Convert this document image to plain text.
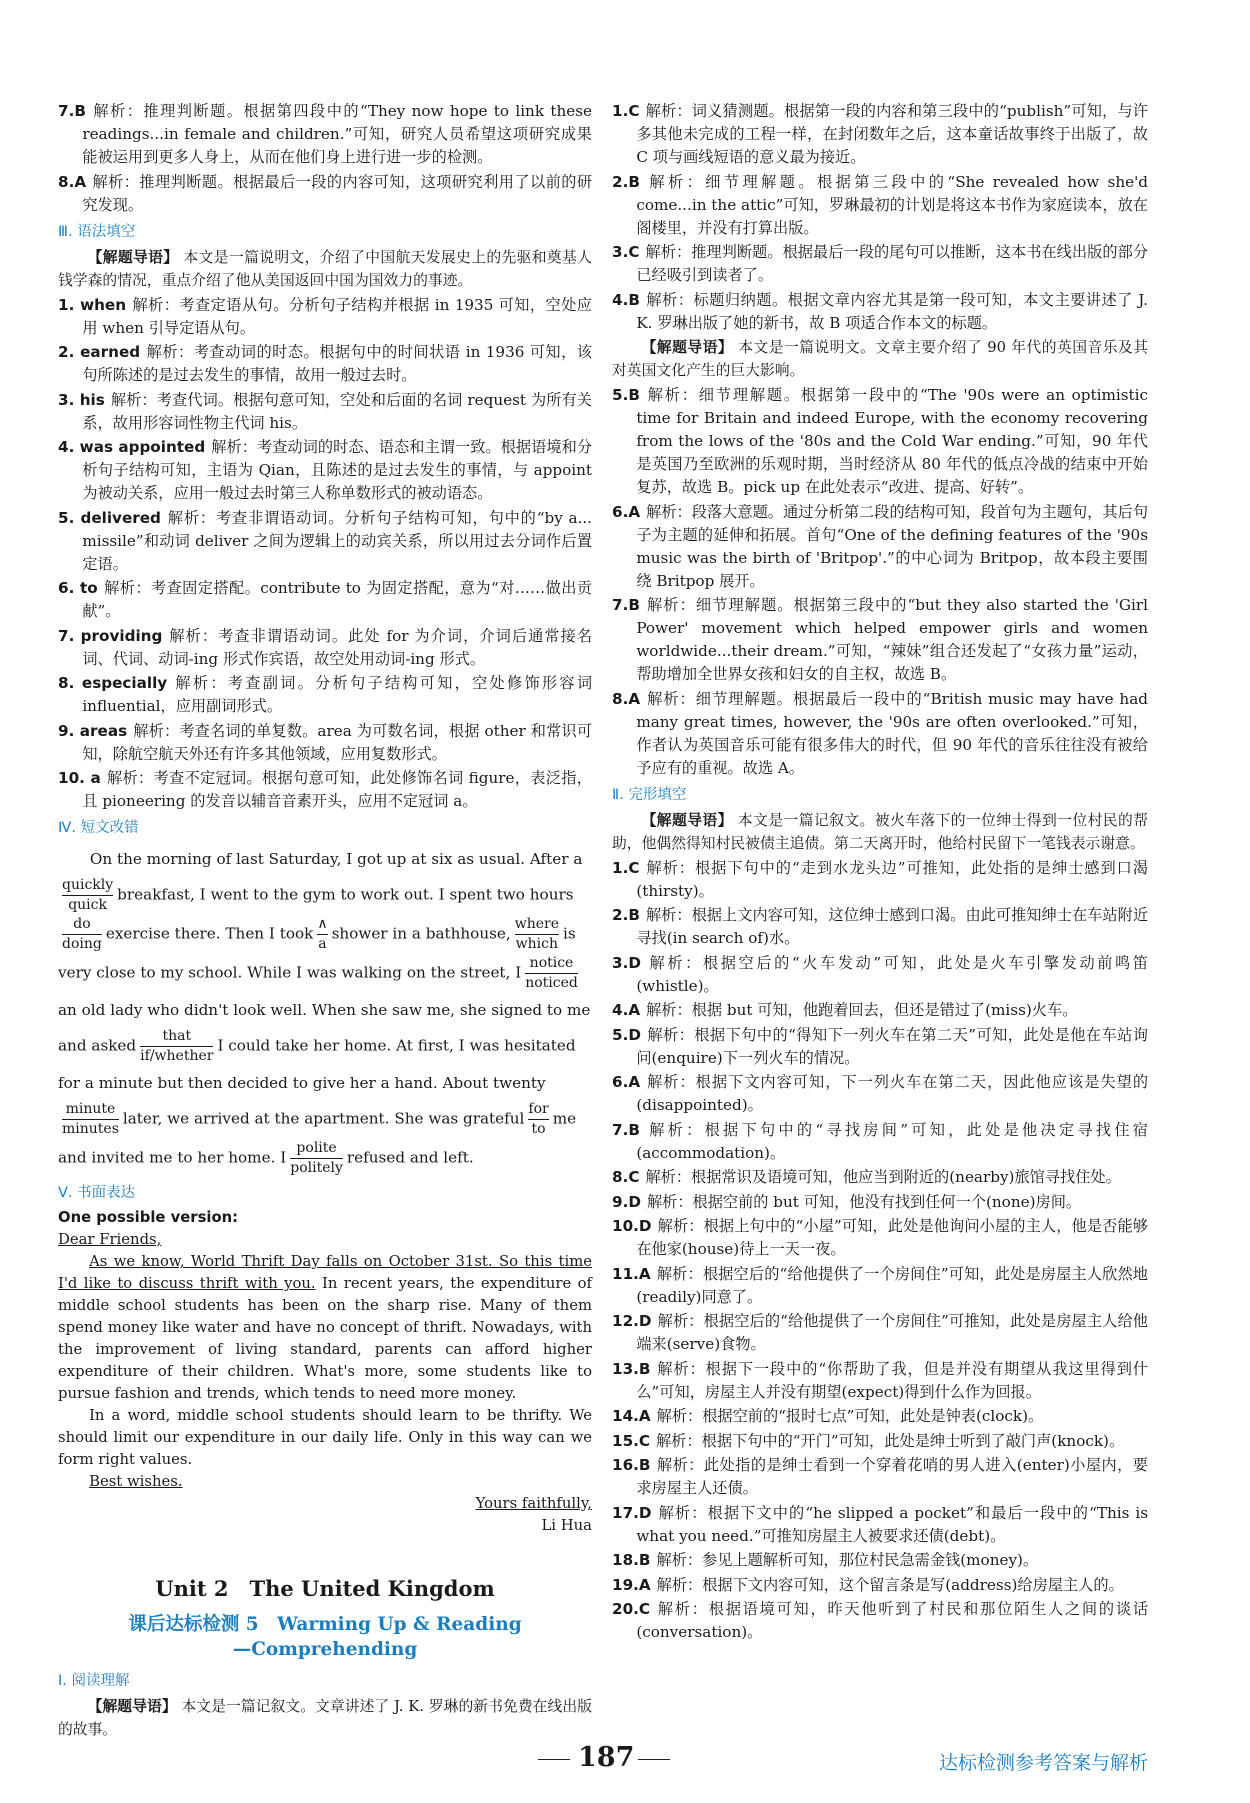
7.B 解析：推理判断题。根据第四段中的“They now hope to link these readings...in female and children.”可知，研究人员希望这项研究成果能被运用到更多人身上，从而在他们身上进行进一步的检测。

8.A 解析：推理判断题。根据最后一段的内容可知，这项研究利用了以前的研究发现。

Ⅲ. 语法填空

【解题导语】 本文是一篇说明文，介绍了中国航天发展史上的先驱和奠基人钱学森的情况，重点介绍了他从美国返回中国为国效力的事迹。

1. when 解析：考查定语从句。分析句子结构并根据 in 1935 可知，空处应用 when 引导定语从句。

2. earned 解析：考查动词的时态。根据句中的时间状语 in 1936 可知，该句所陈述的是过去发生的事情，故用一般过去时。

3. his 解析：考查代词。根据句意可知，空处和后面的名词 request 为所有关系，故用形容词性物主代词 his。

4. was appointed 解析：考查动词的时态、语态和主谓一致。根据语境和分析句子结构可知，主语为 Qian，且陈述的是过去发生的事情，与 appoint 为被动关系，应用一般过去时第三人称单数形式的被动语态。

5. delivered 解析：考查非谓语动词。分析句子结构可知，句中的“by a... missile”和动词 deliver 之间为逻辑上的动宾关系，所以用过去分词作后置定语。

6. to 解析：考查固定搭配。contribute to 为固定搭配，意为“对……做出贡献”。

7. providing 解析：考查非谓语动词。此处 for 为介词，介词后通常接名词、代词、动词-ing 形式作宾语，故空处用动词-ing 形式。

8. especially 解析：考查副词。分析句子结构可知，空处修饰形容词 influential，应用副词形式。

9. areas 解析：考查名词的单复数。area 为可数名词，根据 other 和常识可知，除航空航天外还有许多其他领域，应用复数形式。

10. a 解析：考查不定冠词。根据句意可知，此处修饰名词 figure，表泛指，且 pioneering 的发音以辅音音素开头，应用不定冠词 a。

Ⅳ. 短文改错

On the morning of last Saturday, I got up at six as usual. After a

quickly
quick
breakfast, I went to the gym to work out. I spent two hours

do
doing
exercise there. Then I took
∧
a
shower in a bathhouse,
where
which
is

very close to my school. While I was walking on the street, I
notice
noticed

an old lady who didn't look well. When she saw me, she signed to me

and asked
that
if/whether
I could take her home. At first, I was hesitated

for a minute but then decided to give her a hand. About twenty

minute
minutes
later, we arrived at the apartment. She was grateful
for
to
me

and invited me to her home. I
polite
politely
refused and left.

Ⅴ. 书面表达

One possible version:

Dear Friends,

As we know, World Thrift Day falls on October 31st. So this time I'd like to discuss thrift with you. In recent years, the expenditure of middle school students has been on the sharp rise. Many of them spend money like water and have no concept of thrift. Nowadays, with the improvement of living standard, parents can afford higher expenditure of their children. What's more, some students like to pursue fashion and trends, which tends to need more money.

In a word, middle school students should learn to be thrifty. We should limit our expenditure in our daily life. Only in this way can we form right values.

Best wishes.

Yours faithfully,

Li Hua

Unit 2　The United Kingdom
课后达标检测 5　Warming Up & Reading
—Comprehending
Ⅰ. 阅读理解

【解题导语】 本文是一篇记叙文。文章讲述了 J. K. 罗琳的新书免费在线出版的故事。

1.C 解析：词义猜测题。根据第一段的内容和第三段中的“publish”可知，与许多其他未完成的工程一样，在封闭数年之后，这本童话故事终于出版了，故 C 项与画线短语的意义最为接近。

2.B 解析：细节理解题。根据第三段中的“She revealed how she'd come...in the attic”可知，罗琳最初的计划是将这本书作为家庭读本，放在阁楼里，并没有打算出版。

3.C 解析：推理判断题。根据最后一段的尾句可以推断，这本书在线出版的部分已经吸引到读者了。

4.B 解析：标题归纳题。根据文章内容尤其是第一段可知，本文主要讲述了 J. K. 罗琳出版了她的新书，故 B 项适合作本文的标题。

【解题导语】 本文是一篇说明文。文章主要介绍了 90 年代的英国音乐及其对英国文化产生的巨大影响。

5.B 解析：细节理解题。根据第一段中的“The '90s were an optimistic time for Britain and indeed Europe, with the economy recovering from the lows of the '80s and the Cold War ending.”可知，90 年代是英国乃至欧洲的乐观时期，当时经济从 80 年代的低点冷战的结束中开始复苏，故选 B。pick up 在此处表示“改进、提高、好转”。

6.A 解析：段落大意题。通过分析第二段的结构可知，段首句为主题句，其后句子为主题的延伸和拓展。首句“One of the defining features of the '90s music was the birth of 'Britpop'.”的中心词为 Britpop，故本段主要围绕 Britpop 展开。

7.B 解析：细节理解题。根据第三段中的“but they also started the 'Girl Power' movement which helped empower girls and women worldwide...their dream.”可知，“辣妹”组合还发起了“女孩力量”运动，帮助增加全世界女孩和妇女的自主权，故选 B。

8.A 解析：细节理解题。根据最后一段中的“British music may have had many great times, however, the '90s are often overlooked.”可知，作者认为英国音乐可能有很多伟大的时代，但 90 年代的音乐往往没有被给予应有的重视。故选 A。

Ⅱ. 完形填空

【解题导语】 本文是一篇记叙文。被火车落下的一位绅士得到一位村民的帮助，他偶然得知村民被债主追债。第二天离开时，他给村民留下一笔钱表示谢意。

1.C 解析：根据下句中的“走到水龙头边”可推知，此处指的是绅士感到口渴(thirsty)。

2.B 解析：根据上文内容可知，这位绅士感到口渴。由此可推知绅士在车站附近寻找(in search of)水。

3.D 解析：根据空后的“火车发动”可知，此处是火车引擎发动前鸣笛(whistle)。

4.A 解析：根据 but 可知，他跑着回去，但还是错过了(miss)火车。

5.D 解析：根据下句中的“得知下一列火车在第二天”可知，此处是他在车站询问(enquire)下一列火车的情况。

6.A 解析：根据下文内容可知，下一列火车在第二天，因此他应该是失望的(disappointed)。

7.B 解析：根据下句中的“寻找房间”可知，此处是他决定寻找住宿(accommodation)。

8.C 解析：根据常识及语境可知，他应当到附近的(nearby)旅馆寻找住处。

9.D 解析：根据空前的 but 可知，他没有找到任何一个(none)房间。

10.D 解析：根据上句中的“小屋”可知，此处是他询问小屋的主人，他是否能够在他家(house)待上一天一夜。

11.A 解析：根据空后的“给他提供了一个房间住”可知，此处是房屋主人欣然地(readily)同意了。

12.D 解析：根据空后的“给他提供了一个房间住”可推知，此处是房屋主人给他端来(serve)食物。

13.B 解析：根据下一段中的“你帮助了我，但是并没有期望从我这里得到什么”可知，房屋主人并没有期望(expect)得到什么作为回报。

14.A 解析：根据空前的“报时七点”可知，此处是钟表(clock)。

15.C 解析：根据下句中的“开门”可知，此处是绅士听到了敲门声(knock)。

16.B 解析：此处指的是绅士看到一个穿着花哨的男人进入(enter)小屋内，要求房屋主人还债。

17.D 解析：根据下文中的“he slipped a pocket”和最后一段中的“This is what you need.”可推知房屋主人被要求还债(debt)。

18.B 解析：参见上题解析可知，那位村民急需金钱(money)。

19.A 解析：根据下文内容可知，这个留言条是写(address)给房屋主人的。

20.C 解析：根据语境可知，昨天他听到了村民和那位陌生人之间的谈话(conversation)。

187	达标检测参考答案与解析
